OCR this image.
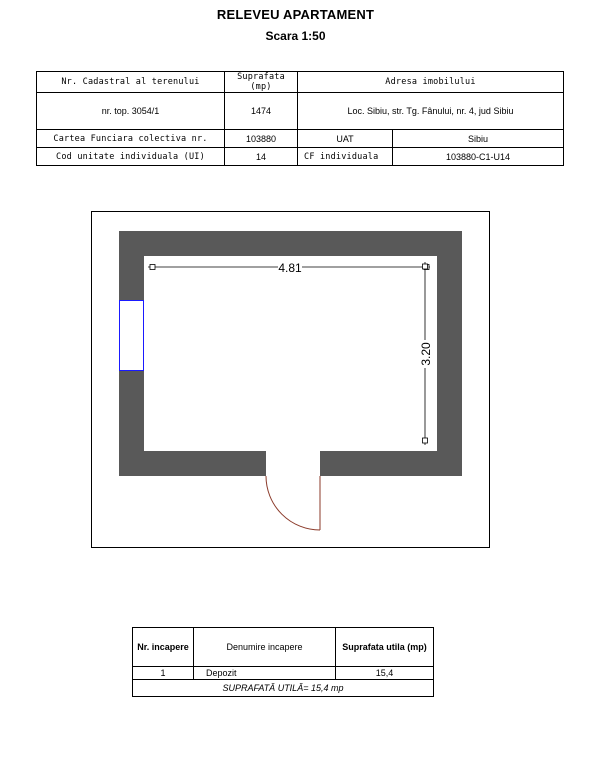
RELEVEU APARTAMENT
Scara 1:50
Nr. Cadastral al terenului	Suprafata (mp)	Adresa imobilului	
nr. top. 3054/1	1474	Loc. Sibiu, str. Tg. Fânului, nr. 4, jud Sibiu	
Cartea Funciara colectiva nr.	103880	UAT	Sibiu
Cod unitate individuala (UI)	14	CF individuala	103880-C1-U14
4.81
3.20
Nr. incapere	Denumire incapere	Suprafata utila (mp)
1	Depozit	15,4
SUPRAFATĂ UTILĂ= 15,4 mp		
